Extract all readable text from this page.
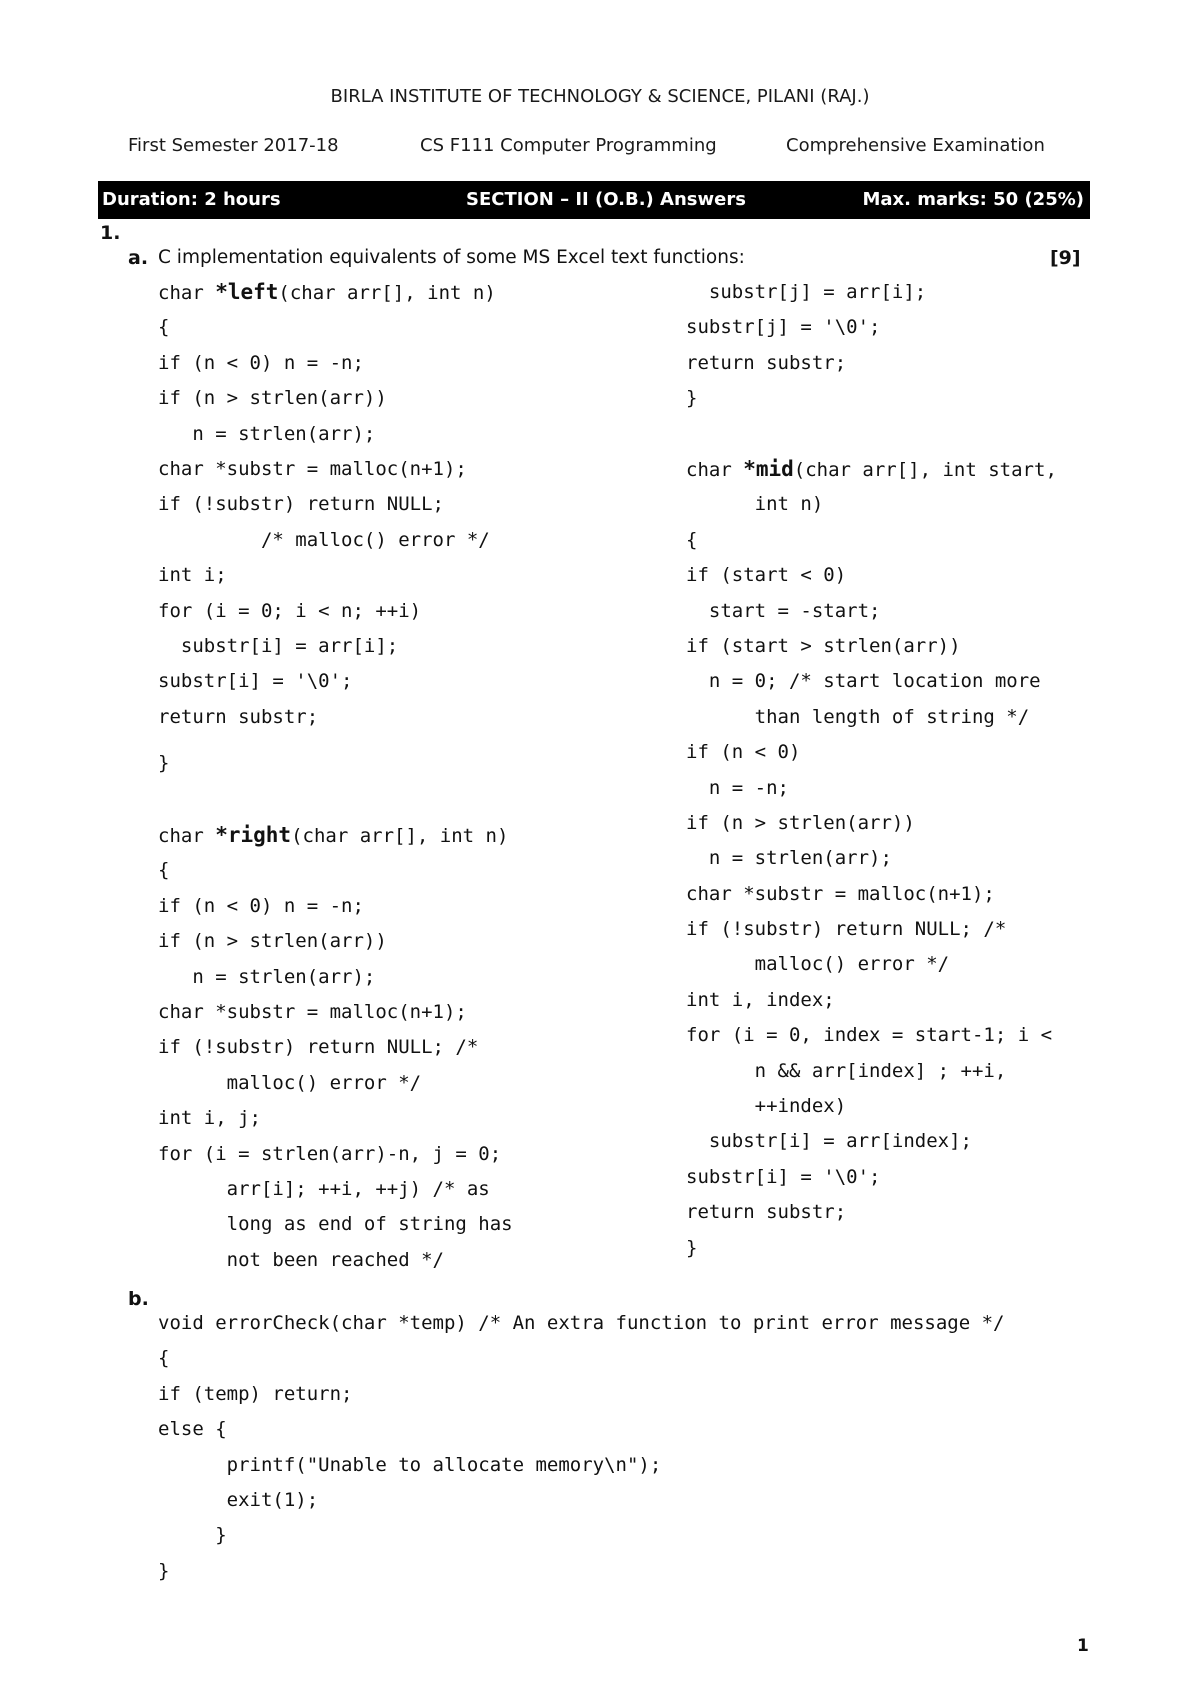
BIRLA INSTITUTE OF TECHNOLOGY & SCIENCE, PILANI (RAJ.)
First Semester 2017-18	CS F111 Computer Programming	Comprehensive Examination
Duration: 2 hours	SECTION – II (O.B.) Answers	Max. marks: 50 (25%)
1.
a. C implementation equivalents of some MS Excel text functions:	[9]
char *left(char arr[], int n)
{
if (n < 0) n = -n;
if (n > strlen(arr))
n = strlen(arr);
char *substr = malloc(n+1);
if (!substr) return NULL;
/* malloc() error */
int i;
for (i = 0; i < n; ++i)
substr[i] = arr[i];
substr[i] = '\0';
return substr;
}
char *right(char arr[], int n)
{
if (n < 0) n = -n;
if (n > strlen(arr))
n = strlen(arr);
char *substr = malloc(n+1);
if (!substr) return NULL; /*
malloc() error */
int i, j;
for (i = strlen(arr)-n, j = 0;
arr[i]; ++i, ++j) /* as
long as end of string has
not been reached */
substr[j] = arr[i];
substr[j] = '\0';
return substr;
}
char *mid(char arr[], int start,
int n)
{
if (start < 0)
start = -start;
if (start > strlen(arr))
n = 0; /* start location more
than length of string */
if (n < 0)
n = -n;
if (n > strlen(arr))
n = strlen(arr);
char *substr = malloc(n+1);
if (!substr) return NULL; /*
malloc() error */
int i, index;
for (i = 0, index = start-1; i <
n && arr[index] ; ++i,
++index)
substr[i] = arr[index];
substr[i] = '\0';
return substr;
}
b.
void errorCheck(char *temp) /* An extra function to print error message */
{
if (temp) return;
else {
printf("Unable to allocate memory\n");
exit(1);
}
}
1
